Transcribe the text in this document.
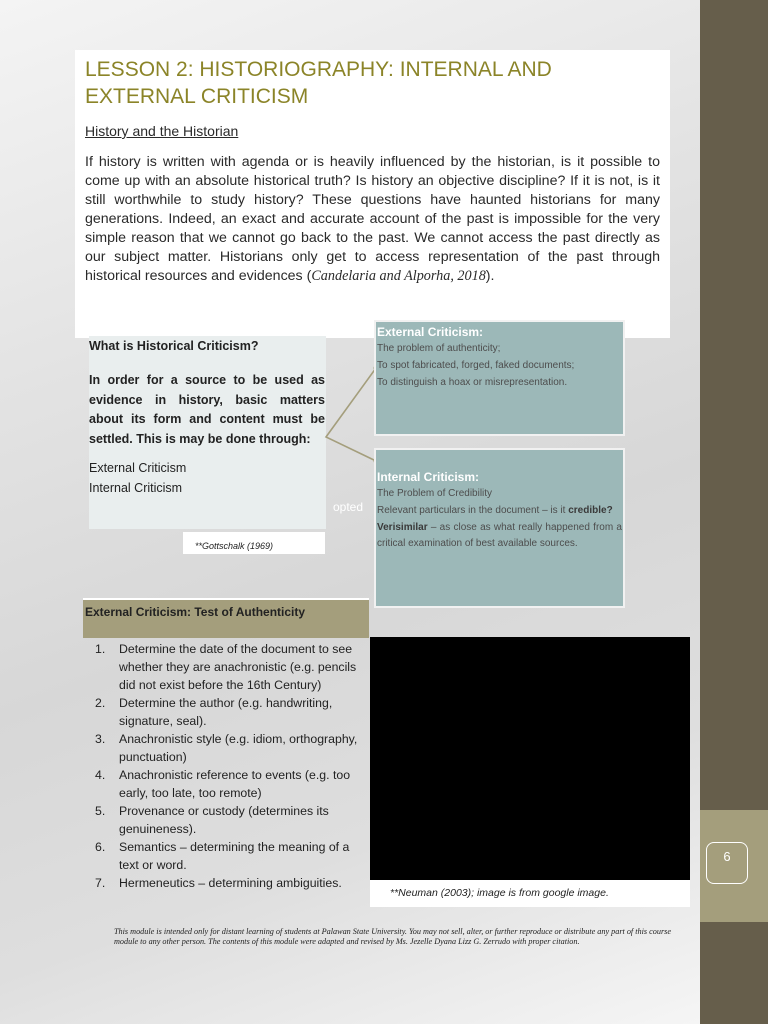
6
LESSON 2: HISTORIOGRAPHY: INTERNAL AND EXTERNAL CRITICISM
History and the Historian

If history is written with agenda or is heavily influenced by the historian, is it possible to come up with an absolute historical truth? Is history an objective discipline? If it is not, is it still worthwhile to study history? These questions have haunted historians for many generations. Indeed, an exact and accurate account of the past is impossible for the very simple reason that we cannot go back to the past. We cannot access the past directly as our subject matter. Historians only get to access representation of the past through historical resources and evidences (Candelaria and Alporha, 2018).

What is Historical Criticism?

In order for a source to be used as evidence in history, basic matters about its form and content must be settled. This is may be done through:

External Criticism
Internal Criticism
**Gottschalk (1969)
opted
External Criticism:
The problem of authenticity;
To spot fabricated, forged, faked documents;
To distinguish a hoax or misrepresentation.
Internal Criticism:
The Problem of Credibility

Relevant particulars in the document – is it credible?
Verisimilar – as close as what really happened from a critical examination of best available sources.

External Criticism: Test of Authenticity
1. Determine the date of the document to see whether they are anachronistic (e.g. pencils did not exist before the 16th Century)
2. Determine the author (e.g. handwriting, signature, seal).
3. Anachronistic style (e.g. idiom, orthography, punctuation)
4. Anachronistic reference to events (e.g. too early, too late, too remote)
5. Provenance or custody (determines its genuineness).
6. Semantics – determining the meaning of a text or word.
7. Hermeneutics – determining ambiguities.
**Neuman (2003); image is from google image.

This module is intended only for distant learning of students at Palawan State University. You may not sell, alter, or further reproduce or distribute any part of this course module to any other person. The contents of this module were adapted and revised by Ms. Jezelle Dyana Lizz G. Zerrudo with proper citation.
